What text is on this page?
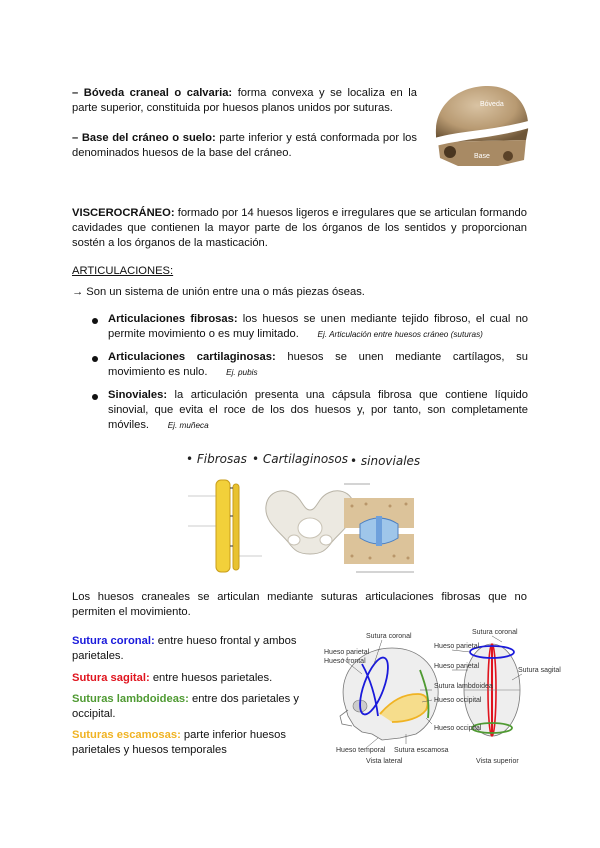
– Bóveda craneal o calvaria: forma convexa y se localiza en la parte superior, constituida por huesos planos unidos por suturas.
– Base del cráneo o suelo: parte inferior y está conformada por los denominados huesos de la base del cráneo.
Bóveda
Base
VISCEROCRÁNEO: formado por 14 huesos ligeros e irregulares que se articulan formando cavidades que contienen la mayor parte de los órganos de los sentidos y proporcionan sostén a los órganos de la masticación.
ARTICULACIONES:
→ Son un sistema de unión entre una o más piezas óseas.
Articulaciones fibrosas: los huesos se unen mediante tejido fibroso, el cual no permite movimiento o es muy limitado. Ej. Articulación entre huesos cráneo (suturas)
Articulaciones cartilaginosas: huesos se unen mediante cartílagos, su movimiento es nulo. Ej. pubis
Sinoviales: la articulación presenta una cápsula fibrosa que contiene líquido sinovial, que evita el roce de los dos huesos y, por tanto, son completamente móviles. Ej. muñeca
• Fibrosas • Cartilaginosos • sinoviales
Los huesos craneales se articulan mediante suturas articulaciones fibrosas que no permiten el movimiento.
Sutura coronal: entre hueso frontal y ambos parietales.
Sutura sagital: entre huesos parietales.
Suturas lambdoideas: entre dos parietales y occipital.
Suturas escamosas: parte inferior huesos parietales y huesos temporales
Sutura coronal
Hueso parietal
Hueso frontal
Sutura coronal
Hueso parietal
Hueso parietal
Sutura sagital
Sutura lambdoidea
Hueso occipital
Sutura escamosa
Hueso temporal
Hueso occipital
Vista lateral	Vista superior
